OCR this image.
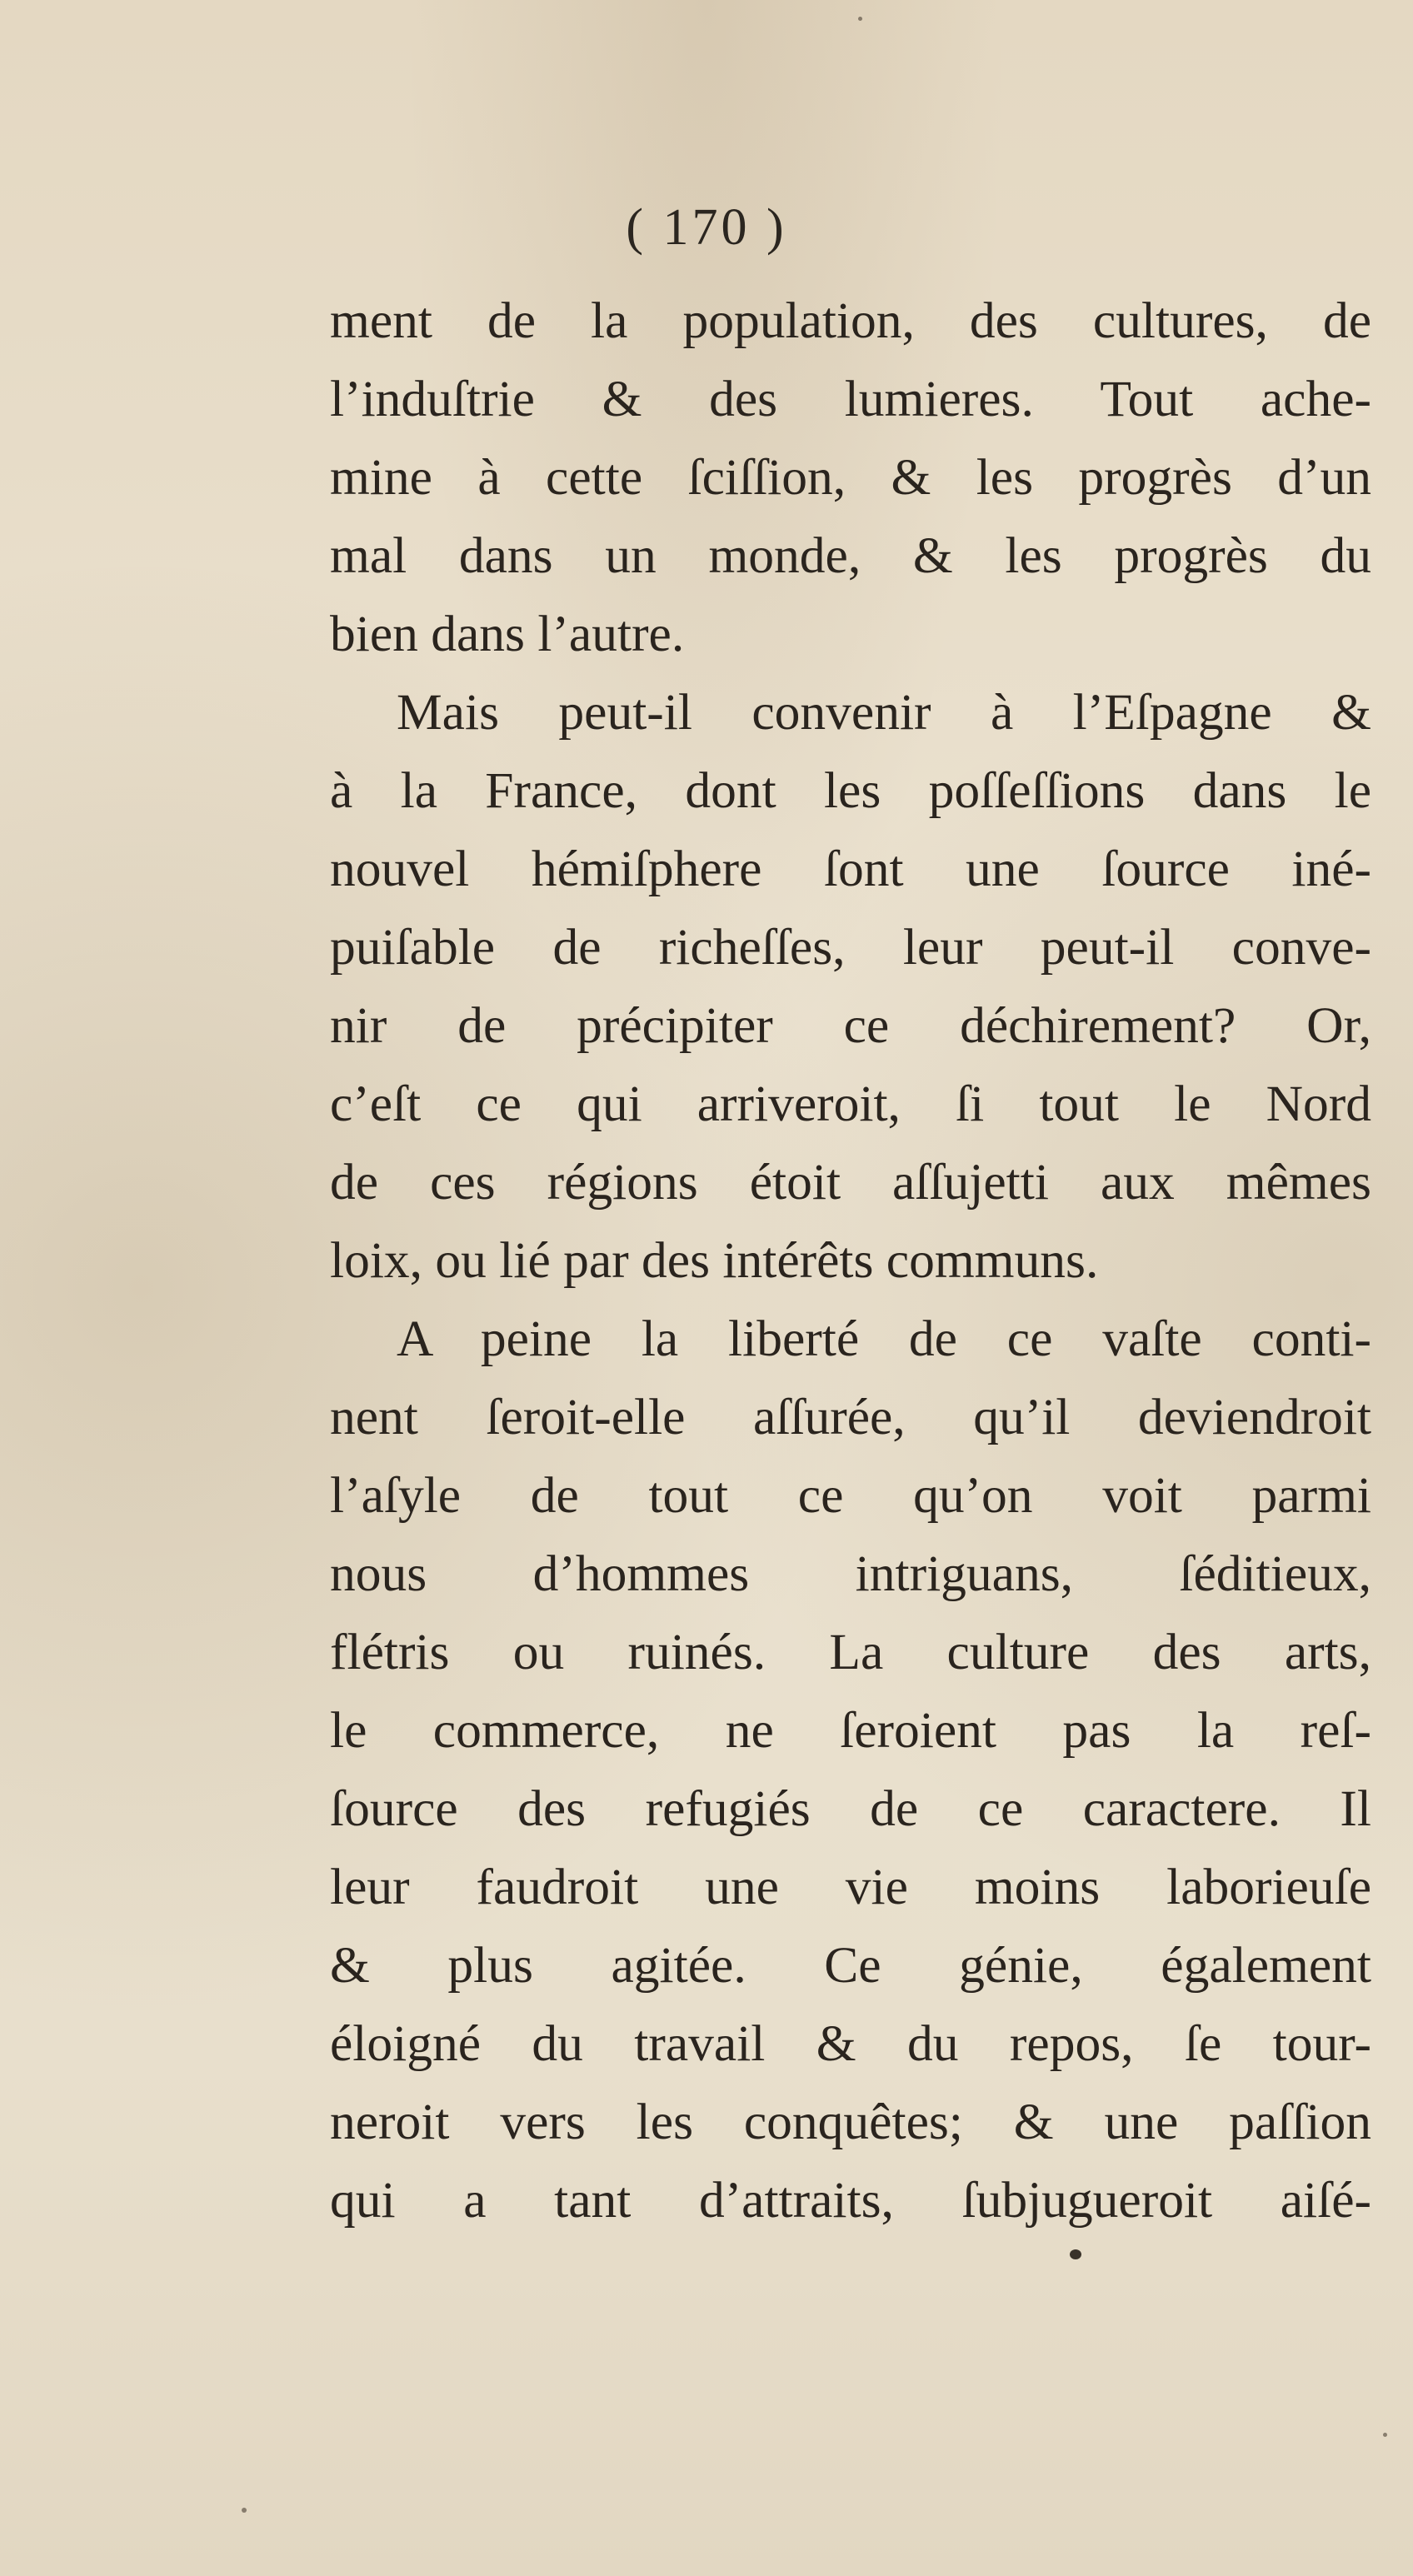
( 170 )
ment de la population, des cultures, de
l’induſtrie & des lumieres. Tout ache-
mine à cette ſciſſion, & les progrès d’un
mal dans un monde, & les progrès du
bien dans l’autre.
Mais peut-il convenir à l’Eſpagne &
à la France, dont les poſſeſſions dans le
nouvel hémiſphere ſont une ſource iné-
puiſable de richeſſes, leur peut-il conve-
nir de précipiter ce déchirement? Or,
c’eſt ce qui arriveroit, ſi tout le Nord
de ces régions étoit aſſujetti aux mêmes
loix, ou lié par des intérêts communs.
A peine la liberté de ce vaſte conti-
nent ſeroit-elle aſſurée, qu’il deviendroit
l’aſyle de tout ce qu’on voit parmi
nous d’hommes intriguans, ſéditieux,
flétris ou ruinés. La culture des arts,
le commerce, ne ſeroient pas la reſ-
ſource des refugiés de ce caractere. Il
leur faudroit une vie moins laborieuſe
& plus agitée. Ce génie, également
éloigné du travail & du repos, ſe tour-
neroit vers les conquêtes; & une paſſion
qui a tant d’attraits, ſubjugueroit aiſé-
